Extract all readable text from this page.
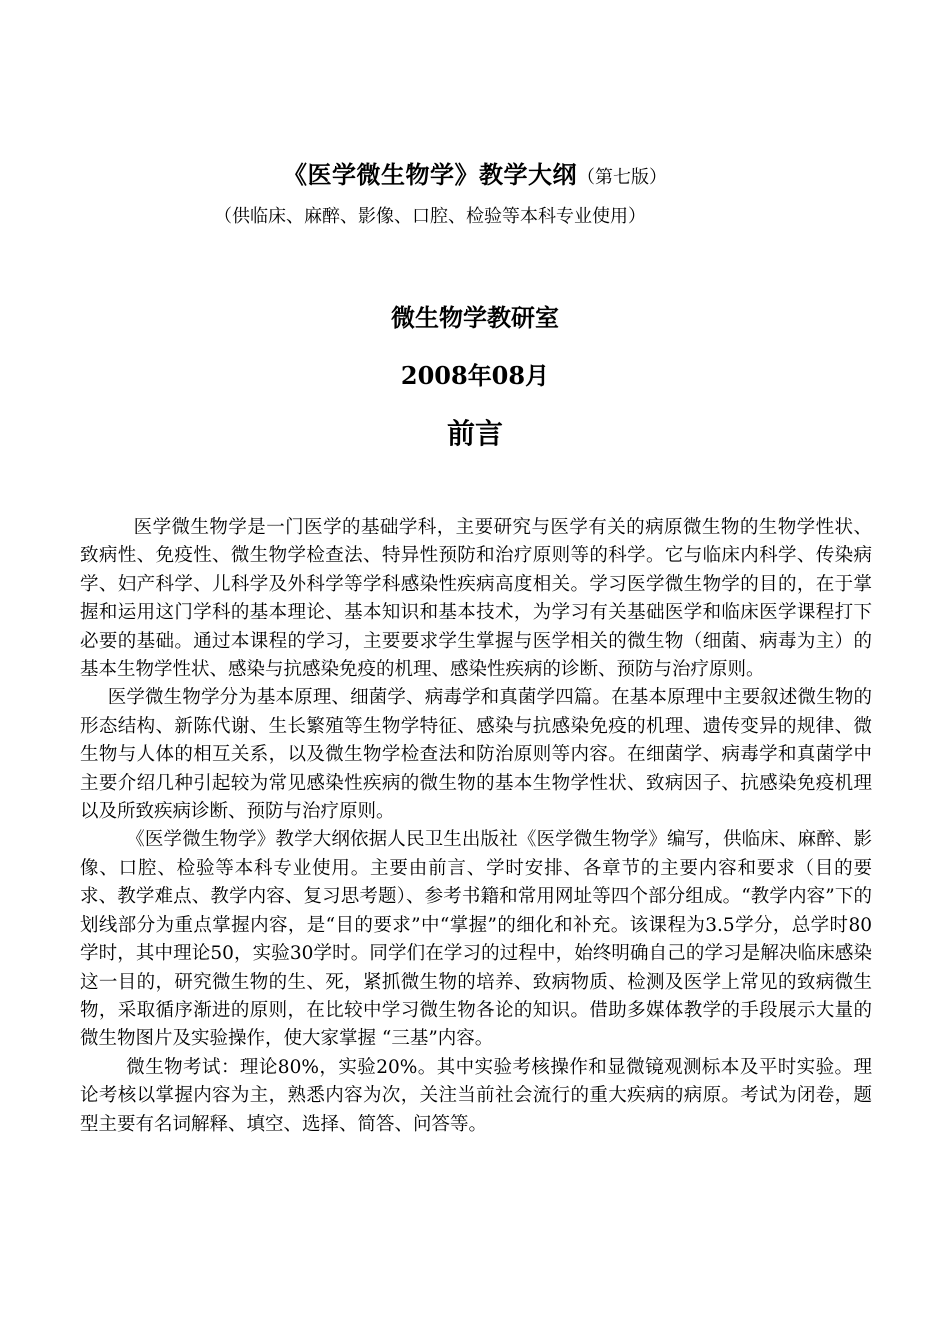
《医学微生物学》教学大纲（第七版）
（供临床、麻醉、影像、口腔、检验等本科专业使用）
微生物学教研室
2008年08月
前言

医学微生物学是一门医学的基础学科，主要研究与医学有关的病原微生物的生物学性状、致病性、免疫性、微生物学检查法、特异性预防和治疗原则等的科学。它与临床内科学、传染病学、妇产科学、儿科学及外科学等学科感染性疾病高度相关。学习医学微生物学的目的，在于掌握和运用这门学科的基本理论、基本知识和基本技术，为学习有关基础医学和临床医学课程打下必要的基础。通过本课程的学习，主要要求学生掌握与医学相关的微生物（细菌、病毒为主）的基本生物学性状、感染与抗感染免疫的机理、感染性疾病的诊断、预防与治疗原则。

医学微生物学分为基本原理、细菌学、病毒学和真菌学四篇。在基本原理中主要叙述微生物的形态结构、新陈代谢、生长繁殖等生物学特征、感染与抗感染免疫的机理、遗传变异的规律、微生物与人体的相互关系，以及微生物学检查法和防治原则等内容。在细菌学、病毒学和真菌学中主要介绍几种引起较为常见感染性疾病的微生物的基本生物学性状、致病因子、抗感染免疫机理以及所致疾病诊断、预防与治疗原则。

《医学微生物学》教学大纲依据人民卫生出版社《医学微生物学》编写，供临床、麻醉、影像、口腔、检验等本科专业使用。主要由前言、学时安排、各章节的主要内容和要求（目的要求、教学难点、教学内容、复习思考题）、参考书籍和常用网址等四个部分组成。“教学内容”下的划线部分为重点掌握内容，是“目的要求”中“掌握”的细化和补充。该课程为3.5学分，总学时80学时，其中理论50，实验30学时。同学们在学习的过程中，始终明确自己的学习是解决临床感染这一目的，研究微生物的生、死，紧抓微生物的培养、致病物质、检测及医学上常见的致病微生物，采取循序渐进的原则，在比较中学习微生物各论的知识。借助多媒体教学的手段展示大量的微生物图片及实验操作，使大家掌握 “三基”内容。

微生物考试：理论80%，实验20%。其中实验考核操作和显微镜观测标本及平时实验。理论考核以掌握内容为主，熟悉内容为次，关注当前社会流行的重大疾病的病原。考试为闭卷，题型主要有名词解释、填空、选择、简答、问答等。
